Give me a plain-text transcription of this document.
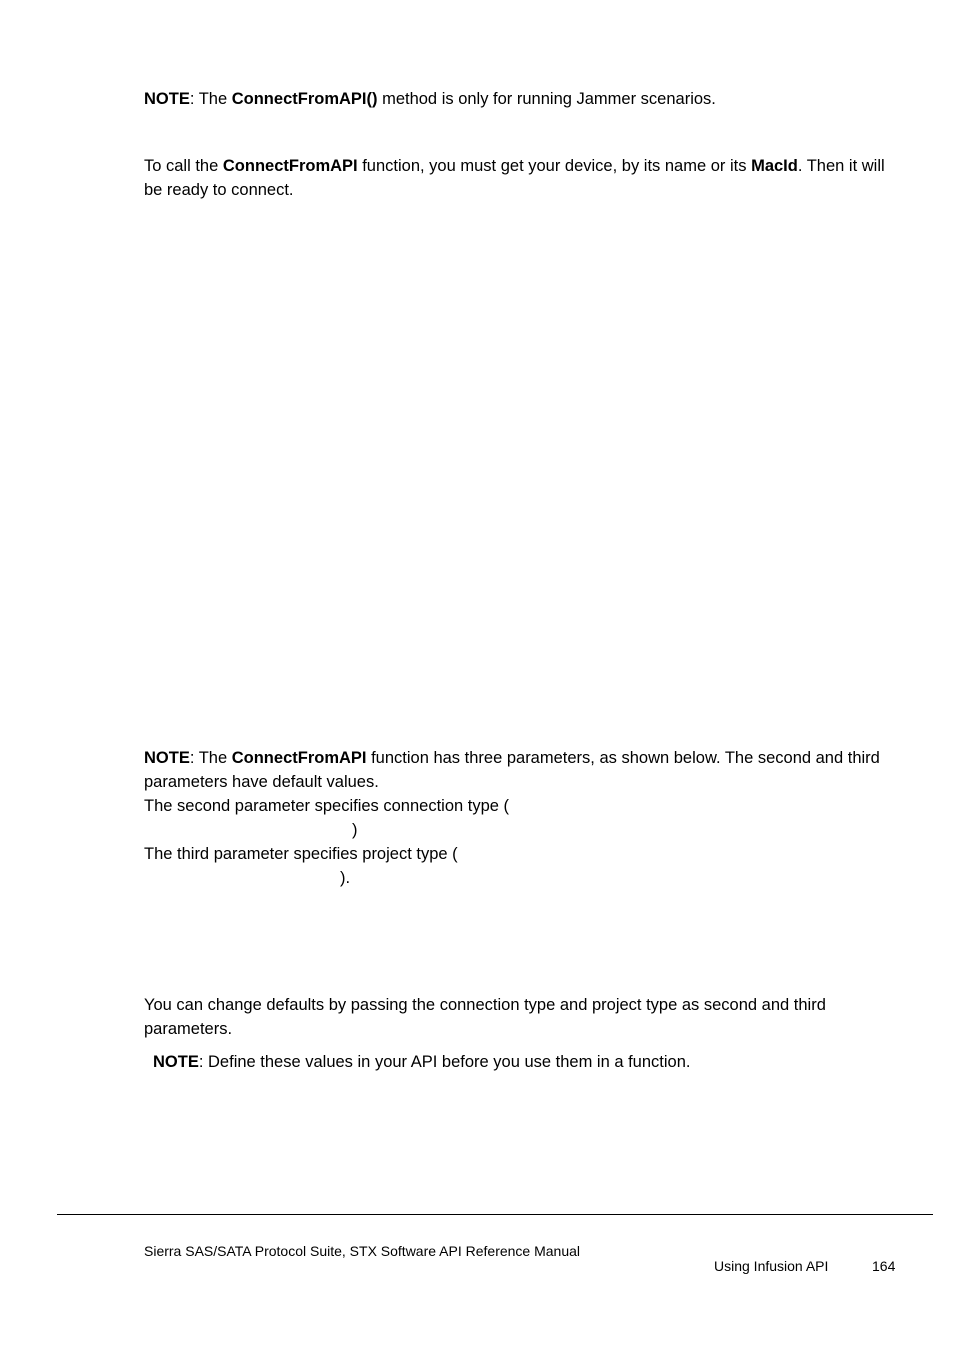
NOTE: The ConnectFromAPI() method is only for running Jammer scenarios.

To call the ConnectFromAPI function, you must get your device, by its name or its MacId. Then it will be ready to connect.

NOTE: The ConnectFromAPI function has three parameters, as shown below. The second and third parameters have default values.
The second parameter specifies connection type (
)
The third parameter specifies project type (
).

You can change defaults by passing the connection type and project type as second and third parameters.

NOTE: Define these values in your API before you use them in a function.

Sierra SAS/SATA Protocol Suite, STX Software API Reference Manual
Using Infusion API	164
